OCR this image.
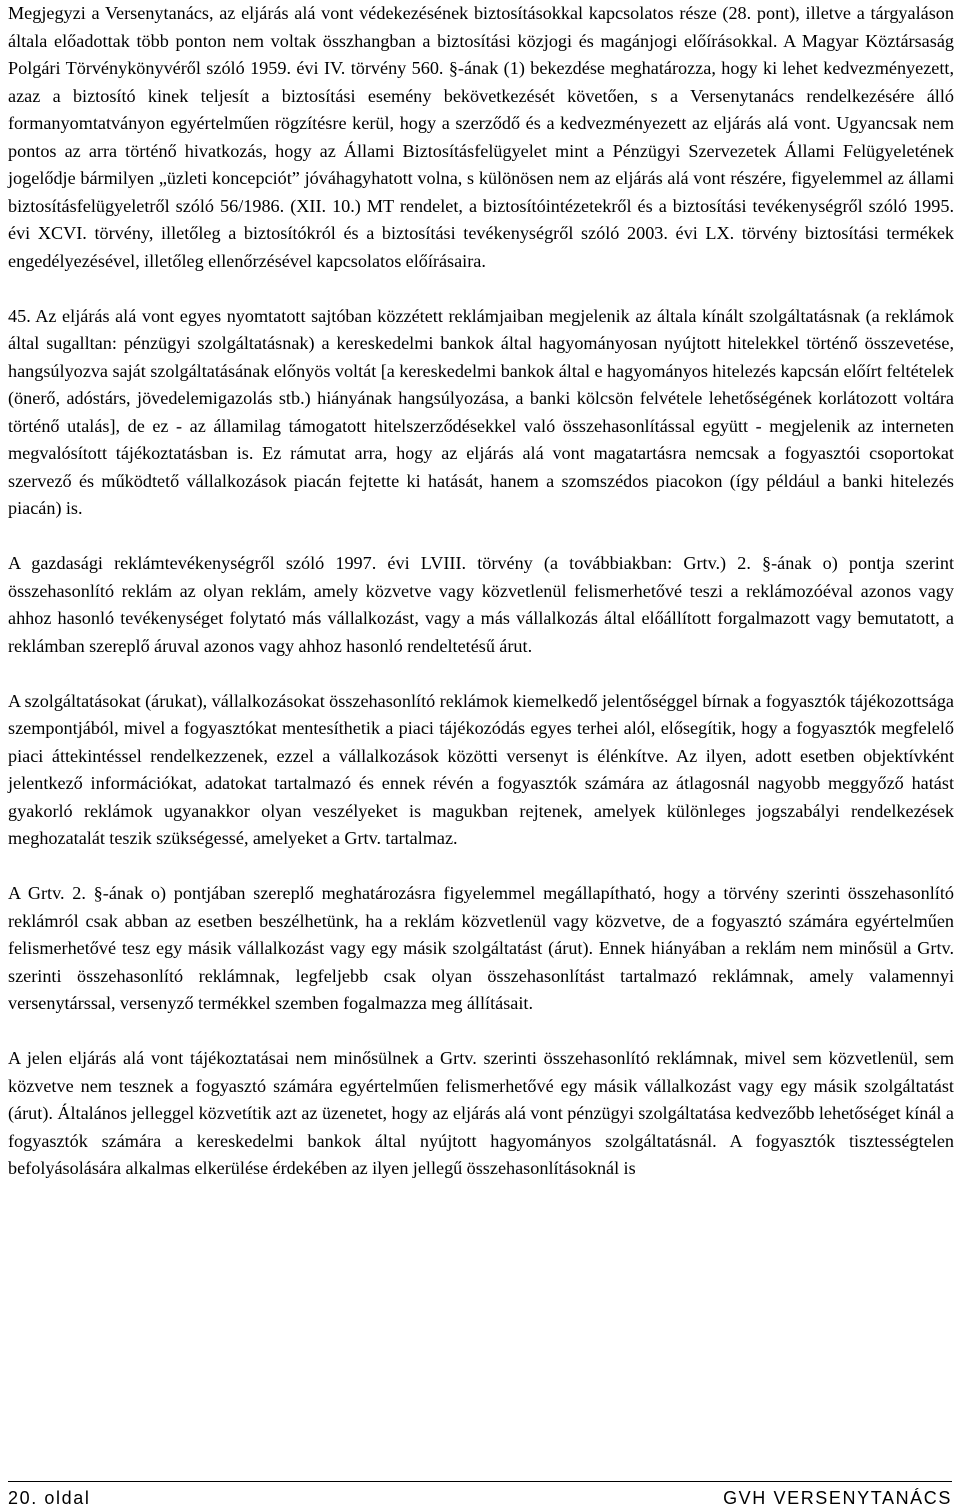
Megjegyzi a Versenytanács, az eljárás alá vont védekezésének biztosításokkal kapcsolatos része (28. pont), illetve a tárgyaláson általa előadottak több ponton nem voltak összhangban a biztosítási közjogi és magánjogi előírásokkal. A Magyar Köztársaság Polgári Törvénykönyvéről szóló 1959. évi IV. törvény 560. §-ának (1) bekezdése meghatározza, hogy ki lehet kedvezményezett, azaz a biztosító kinek teljesít a biztosítási esemény bekövetkezését követően, s a Versenytanács rendelkezésére álló formanyomtatványon egyértelműen rögzítésre kerül, hogy a szerződő és a kedvezményezett az eljárás alá vont. Ugyancsak nem pontos az arra történő hivatkozás, hogy az Állami Biztosításfelügyelet mint a Pénzügyi Szervezetek Állami Felügyeletének jogelődje bármilyen „üzleti koncepciót” jóváhagyhatott volna, s különösen nem az eljárás alá vont részére, figyelemmel az állami biztosításfelügyeletről szóló 56/1986. (XII. 10.) MT rendelet, a biztosítóintézetekről és a biztosítási tevékenységről szóló 1995. évi XCVI. törvény, illetőleg a biztosítókról és a biztosítási tevékenységről szóló 2003. évi LX. törvény biztosítási termékek engedélyezésével, illetőleg ellenőrzésével kapcsolatos előírásaira.

45. Az eljárás alá vont egyes nyomtatott sajtóban közzétett reklámjaiban megjelenik az általa kínált szolgáltatásnak (a reklámok által sugalltan: pénzügyi szolgáltatásnak) a kereskedelmi bankok által hagyományosan nyújtott hitelekkel történő összevetése, hangsúlyozva saját szolgáltatásának előnyös voltát [a kereskedelmi bankok által e hagyományos hitelezés kapcsán előírt feltételek (önerő, adóstárs, jövedelemigazolás stb.) hiányának hangsúlyozása, a banki kölcsön felvétele lehetőségének korlátozott voltára történő utalás], de ez - az államilag támogatott hitelszerződésekkel való összehasonlítással együtt - megjelenik az interneten megvalósított tájékoztatásban is. Ez rámutat arra, hogy az eljárás alá vont magatartásra nemcsak a fogyasztói csoportokat szervező és működtető vállalkozások piacán fejtette ki hatását, hanem a szomszédos piacokon (így például a banki hitelezés piacán) is.

A gazdasági reklámtevékenységről szóló 1997. évi LVIII. törvény (a továbbiakban: Grtv.) 2. §-ának o) pontja szerint összehasonlító reklám az olyan reklám, amely közvetve vagy közvetlenül felismerhetővé teszi a reklámozóéval azonos vagy ahhoz hasonló tevékenységet folytató más vállalkozást, vagy a más vállalkozás által előállított forgalmazott vagy bemutatott, a reklámban szereplő áruval azonos vagy ahhoz hasonló rendeltetésű árut.

A szolgáltatásokat (árukat), vállalkozásokat összehasonlító reklámok kiemelkedő jelentőséggel bírnak a fogyasztók tájékozottsága szempontjából, mivel a fogyasztókat mentesíthetik a piaci tájékozódás egyes terhei alól, elősegítik, hogy a fogyasztók megfelelő piaci áttekintéssel rendelkezzenek, ezzel a vállalkozások közötti versenyt is élénkítve. Az ilyen, adott esetben objektívként jelentkező információkat, adatokat tartalmazó és ennek révén a fogyasztók számára az átlagosnál nagyobb meggyőző hatást gyakorló reklámok ugyanakkor olyan veszélyeket is magukban rejtenek, amelyek különleges jogszabályi rendelkezések meghozatalát teszik szükségessé, amelyeket a Grtv. tartalmaz.

A Grtv. 2. §-ának o) pontjában szereplő meghatározásra figyelemmel megállapítható, hogy a törvény szerinti összehasonlító reklámról csak abban az esetben beszélhetünk, ha a reklám közvetlenül vagy közvetve, de a fogyasztó számára egyértelműen felismerhetővé tesz egy másik vállalkozást vagy egy másik szolgáltatást (árut). Ennek hiányában a reklám nem minősül a Grtv. szerinti összehasonlító reklámnak, legfeljebb csak olyan összehasonlítást tartalmazó reklámnak, amely valamennyi versenytárssal, versenyző termékkel szemben fogalmazza meg állításait.

A jelen eljárás alá vont tájékoztatásai nem minősülnek a Grtv. szerinti összehasonlító reklámnak, mivel sem közvetlenül, sem közvetve nem tesznek a fogyasztó számára egyértelműen felismerhetővé egy másik vállalkozást vagy egy másik szolgáltatást (árut). Általános jelleggel közvetítik azt az üzenetet, hogy az eljárás alá vont pénzügyi szolgáltatása kedvezőbb lehetőséget kínál a fogyasztók számára a kereskedelmi bankok által nyújtott hagyományos szolgáltatásnál. A fogyasztók tisztességtelen befolyásolására alkalmas elkerülése érdekében az ilyen jellegű összehasonlításoknál is

20. oldal	GVH VERSENYTANÁCS
